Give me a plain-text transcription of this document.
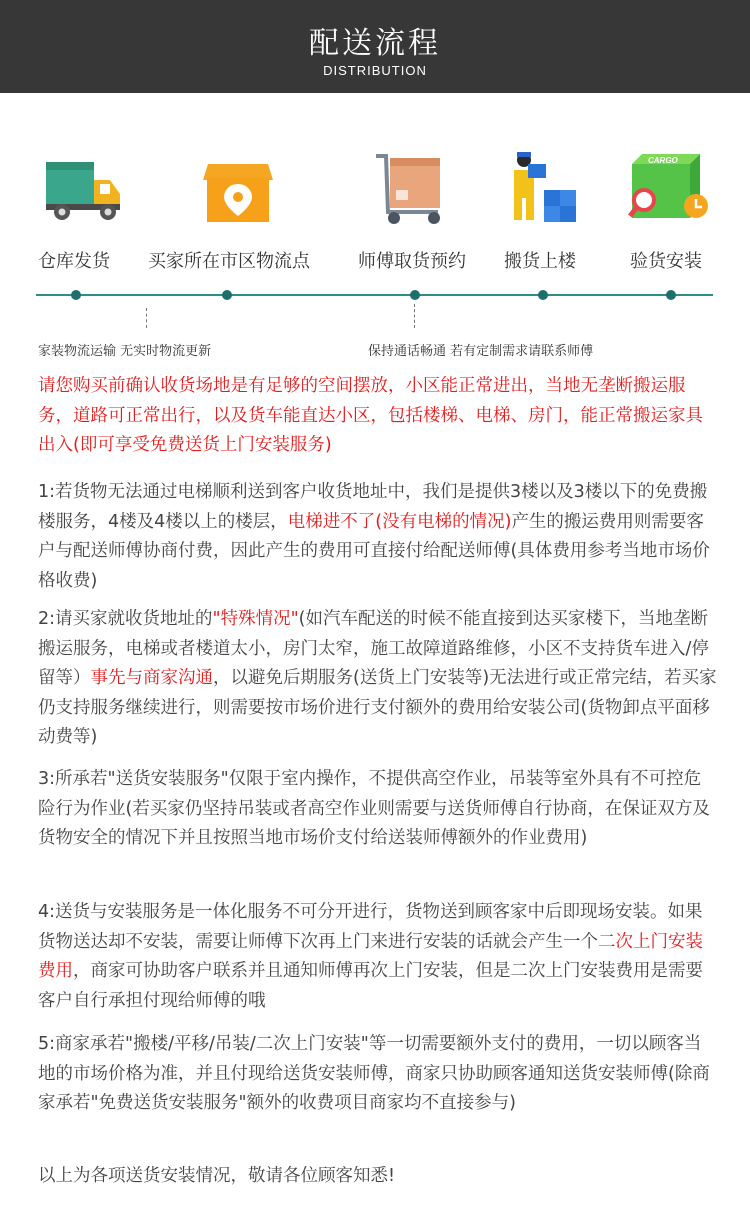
配送流程
DISTRIBUTION
CARGO
仓库发货 买家所在市区物流点	师傅取货预约 搬货上楼	验货安装
家装物流运输 无实时物流更新	保持通话畅通 若有定制需求请联系师傅

请您购买前确认收货场地是有足够的空间摆放，小区能正常进出，当地无垄断搬运服务，道路可正常出行，以及货车能直达小区，包括楼梯、电梯、房门，能正常搬运家具出入(即可享受免费送货上门安装服务)

1:若货物无法通过电梯顺利送到客户收货地址中，我们是提供3楼以及3楼以下的免费搬楼服务，4楼及4楼以上的楼层，电梯进不了(没有电梯的情况)产生的搬运费用则需要客户与配送师傅协商付费，因此产生的费用可直接付给配送师傅(具体费用参考当地市场价格收费)

2:请买家就收货地址的"特殊情况"(如汽车配送的时候不能直接到达买家楼下，当地垄断搬运服务，电梯或者楼道太小，房门太窄，施工故障道路维修，小区不支持货车进入/停留等）事先与商家沟通，以避免后期服务(送货上门安装等)无法进行或正常完结，若买家仍支持服务继续进行，则需要按市场价进行支付额外的费用给安装公司(货物卸点平面移动费等)

3:所承若"送货安装服务"仅限于室内操作，不提供高空作业，吊装等室外具有不可控危险行为作业(若买家仍坚持吊装或者高空作业则需要与送货师傅自行协商，在保证双方及货物安全的情况下并且按照当地市场价支付给送装师傅额外的作业费用)

4:送货与安装服务是一体化服务不可分开进行，货物送到顾客家中后即现场安装。如果货物送达却不安装，需要让师傅下次再上门来进行安装的话就会产生一个二次上门安装费用，商家可协助客户联系并且通知师傅再次上门安装，但是二次上门安装费用是需要客户自行承担付现给师傅的哦

5:商家承若"搬楼/平移/吊装/二次上门安装"等一切需要额外支付的费用，一切以顾客当地的市场价格为准，并且付现给送货安装师傅，商家只协助顾客通知送货安装师傅(除商家承若"免费送货安装服务"额外的收费项目商家均不直接参与)

以上为各项送货安装情况，敬请各位顾客知悉!
